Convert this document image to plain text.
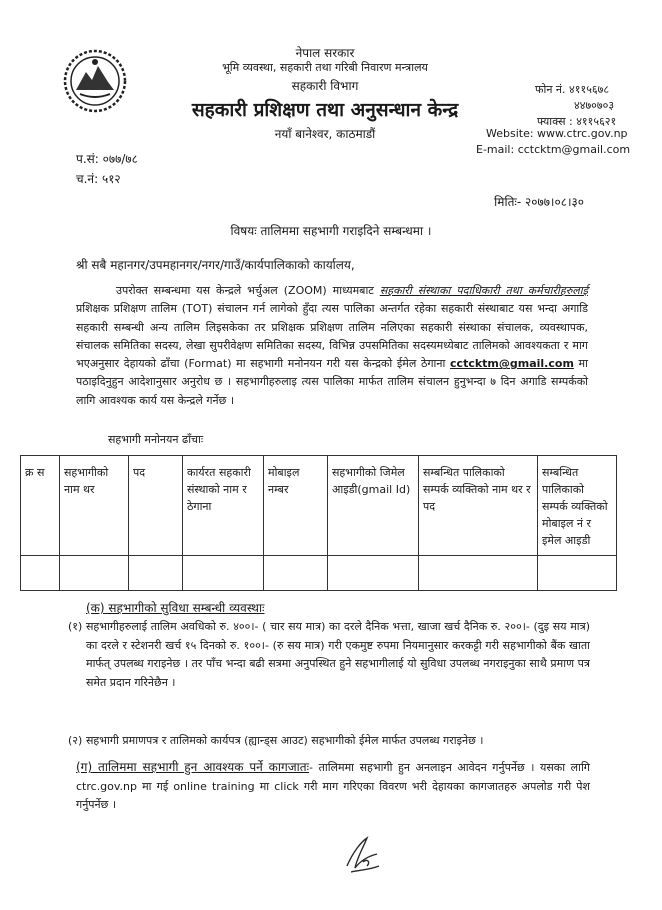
नेपाल सरकार
भूमि व्यवस्था, सहकारी तथा गरिबी निवारण मन्त्रालय
सहकारी विभाग
सहकारी प्रशिक्षण तथा अनुसन्धान केन्द्र
नयाँ बानेश्वर, काठमाडौं
फोन नं. ४११५६७८
४४७०७०३
फ्याक्स : ४११५६२१
Website: www.ctrc.gov.np
E-mail: cctcktm@gmail.com
प.सं: ०७७/७८
च.नं: ५१२
मितिः- २०७७।०८।३०
विषयः तालिममा सहभागी गराइदिने सम्बन्धमा ।
श्री सबै महानगर/उपमहानगर/नगर/गाउँ/कार्यपालिकाको कार्यालय,
उपरोक्त सम्बन्धमा यस केन्द्रले भर्चुअल (ZOOM) माध्यमबाट सहकारी संस्थाका पदाधिकारी तथा कर्मचारीहरुलाई प्रशिक्षक प्रशिक्षण तालिम (TOT) संचालन गर्न लागेको हुँदा त्यस पालिका अन्तर्गत रहेका सहकारी संस्थाबाट यस भन्दा अगाडि सहकारी सम्बन्धी अन्य तालिम लिइसकेका तर प्रशिक्षक प्रशिक्षण तालिम नलिएका सहकारी संस्थाका संचालक, व्यवस्थापक, संचालक समितिका सदस्य, लेखा सुपरीवेक्षण समितिका सदस्य, विभिन्न उपसमितिका सदस्यमध्येबाट तालिमको आवश्यकता र माग भएअनुसार देहायको ढाँचा (Format) मा सहभागी मनोनयन गरी यस केन्द्रको ईमेल ठेगाना cctcktm@gmail.com मा पठाइदिनुहुन आदेशानुसार अनुरोध छ । सहभागीहरुलाइ त्यस पालिका मार्फत तालिम संचालन हुनुभन्दा ७ दिन अगाडि सम्पर्कको लागि आवश्यक कार्य यस केन्द्रले गर्नेछ ।
सहभागी मनोनयन ढाँचाः
क्र स	सहभागीको नाम थर	पद	कार्यरत सहकारी संस्थाको नाम र ठेगाना	मोबाइल नम्बर	सहभागीको जिमेल आइडी(gmail Id)	सम्बन्धित पालिकाको सम्पर्क व्यक्तिको नाम थर र पद	सम्बन्धित पालिकाको सम्पर्क व्यक्तिको मोबाइल नं र इमेल आइडी

(क) सहभागीको सुविधा सम्बन्धी व्यवस्थाः
(१) सहभागीहरुलाई तालिम अवधिको रु. ४००।- ( चार सय मात्र) का दरले दैनिक भत्ता, खाजा खर्च दैनिक रु. २००।- (दुइ सय मात्र) का दरले र स्टेशनरी खर्च १५ दिनको रु. १००।- (रु सय मात्र) गरी एकमुष्ट रुपमा नियमानुसार करकट्टी गरी सहभागीको बैंक खाता मार्फत् उपलब्ध गराइनेछ । तर पाँच भन्दा बढी सत्रमा अनुपस्थित हुने सहभागीलाई यो सुविधा उपलब्ध नगराइनुका साथै प्रमाण पत्र समेत प्रदान गरिनेछैन ।
(२) सहभागी प्रमाणपत्र र तालिमको कार्यपत्र (ह्यान्ड्स आउट) सहभागीको ईमेल मार्फत उपलब्ध गराइनेछ ।
(ग) तालिममा सहभागी हुन आवश्यक पर्ने कागजातः- तालिममा सहभागी हुन अनलाइन आवेदन गर्नुपर्नेछ । यसका लागि ctrc.gov.np मा गई online training मा click गरी माग गरिएका विवरण भरी देहायका कागजातहरु अपलोड गरी पेश गर्नुपर्नेछ ।
